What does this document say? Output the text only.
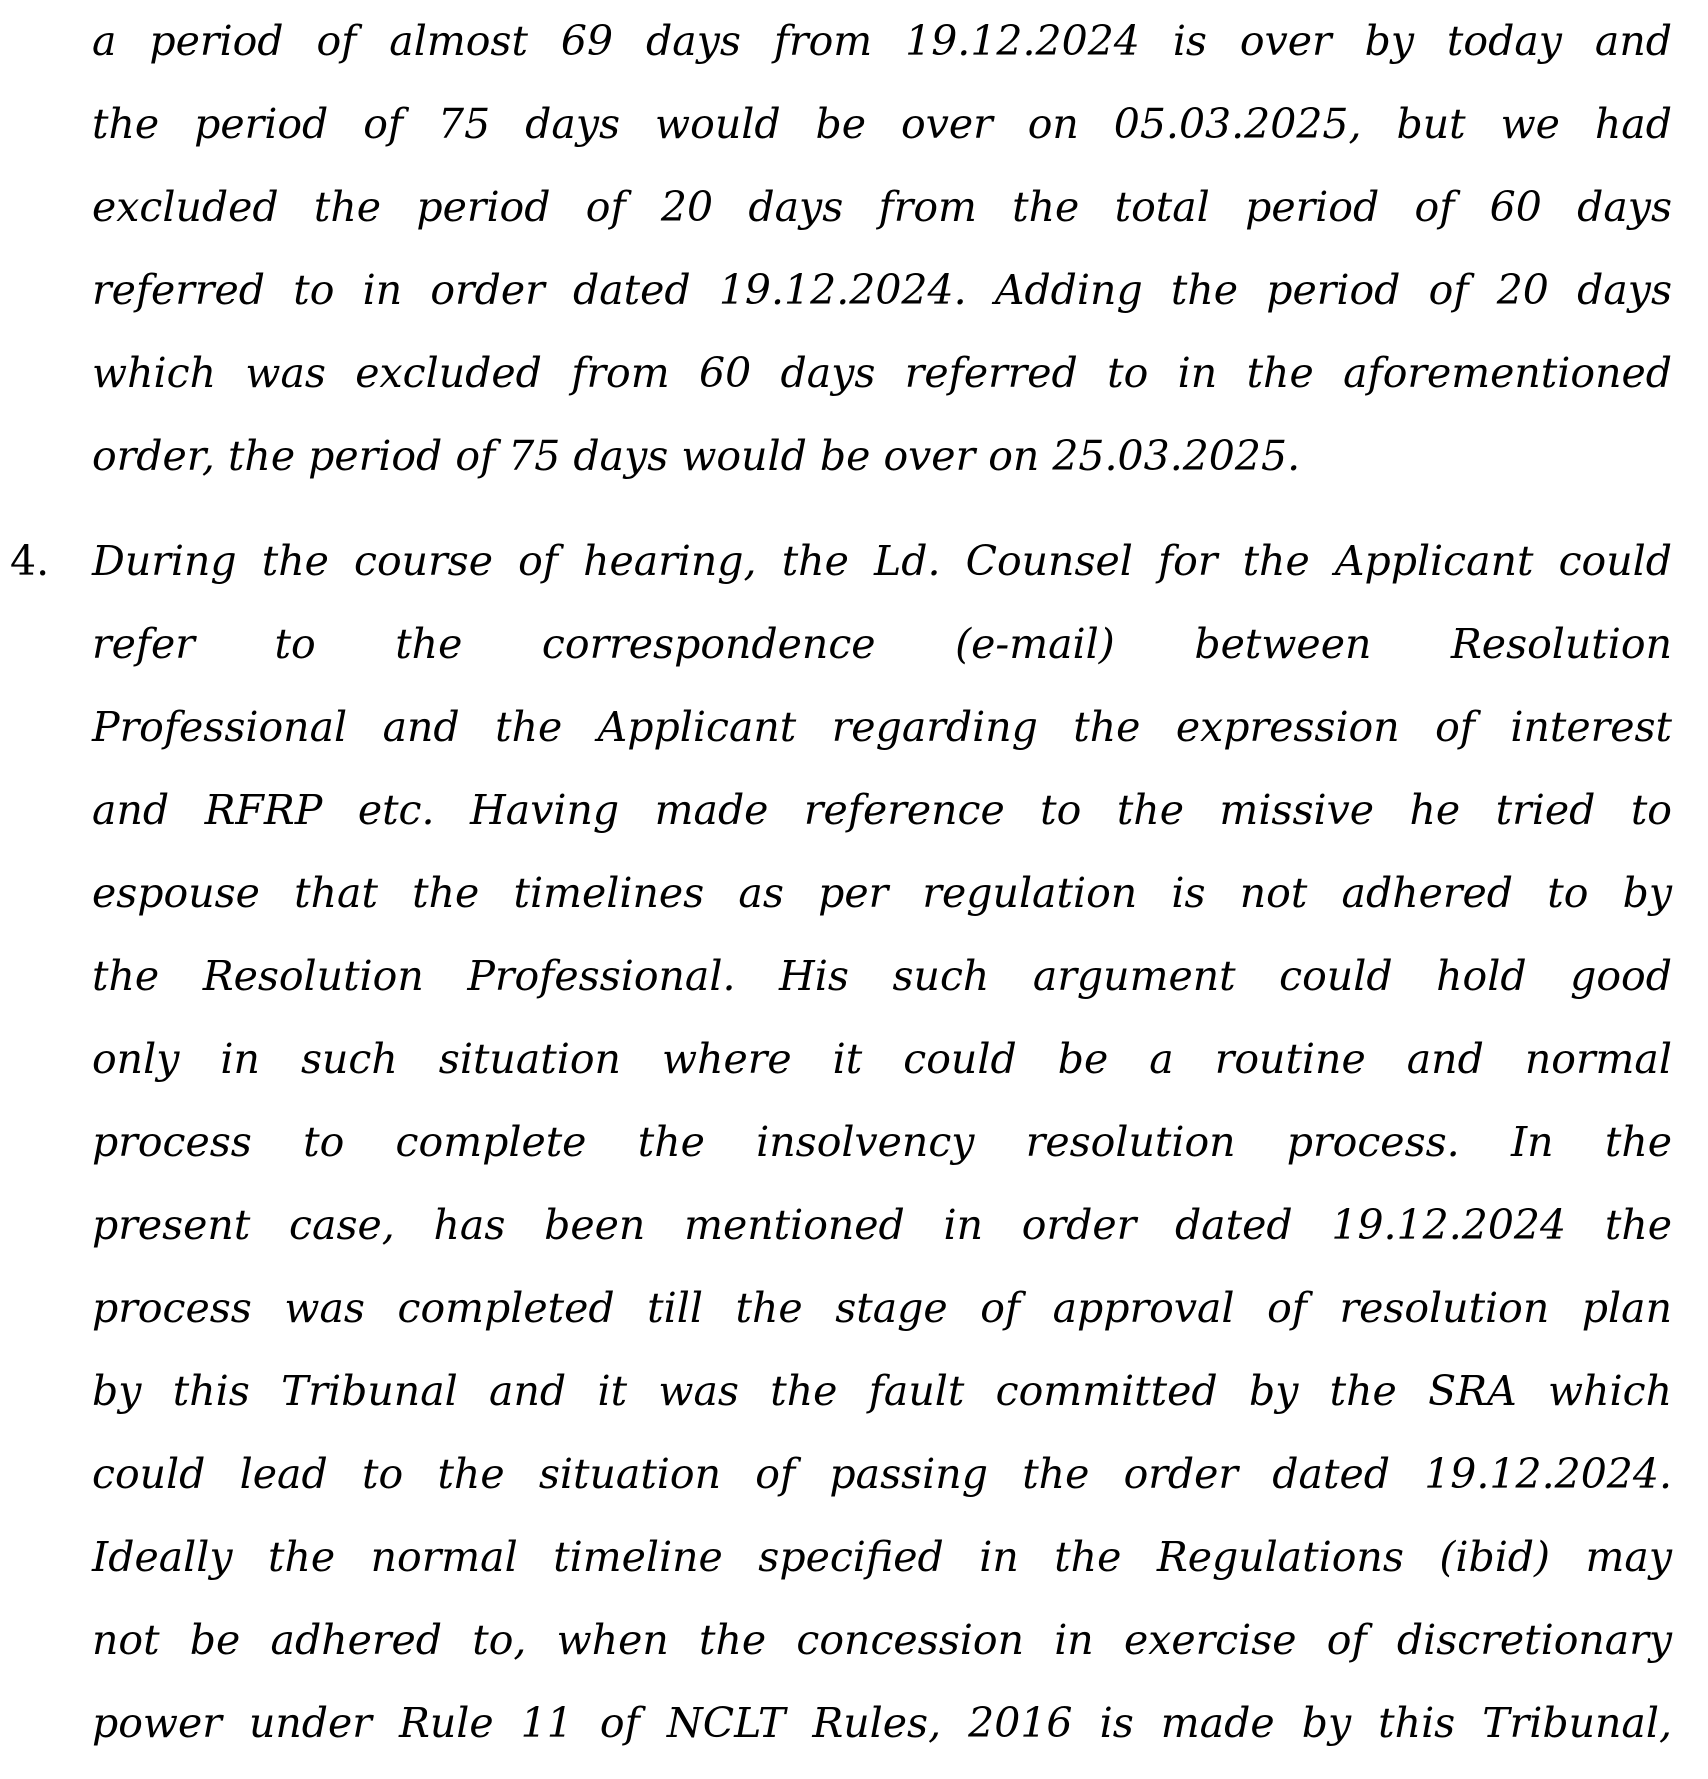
a period of almost 69 days from 19.12.2024 is over by today and
the period of 75 days would be over on 05.03.2025, but we had
excluded the period of 20 days from the total period of 60 days
referred to in order dated 19.12.2024. Adding the period of 20 days
which was excluded from 60 days referred to in the aforementioned
order, the period of 75 days would be over on 25.03.2025.
4. During the course of hearing, the Ld. Counsel for the Applicant could
refer to the correspondence (e-mail) between Resolution
Professional and the Applicant regarding the expression of interest
and RFRP etc. Having made reference to the missive he tried to
espouse that the timelines as per regulation is not adhered to by
the Resolution Professional. His such argument could hold good
only in such situation where it could be a routine and normal
process to complete the insolvency resolution process. In the
present case, has been mentioned in order dated 19.12.2024 the
process was completed till the stage of approval of resolution plan
by this Tribunal and it was the fault committed by the SRA which
could lead to the situation of passing the order dated 19.12.2024.
Ideally the normal timeline specified in the Regulations (ibid) may
not be adhered to, when the concession in exercise of discretionary
power under Rule 11 of NCLT Rules, 2016 is made by this Tribunal,
